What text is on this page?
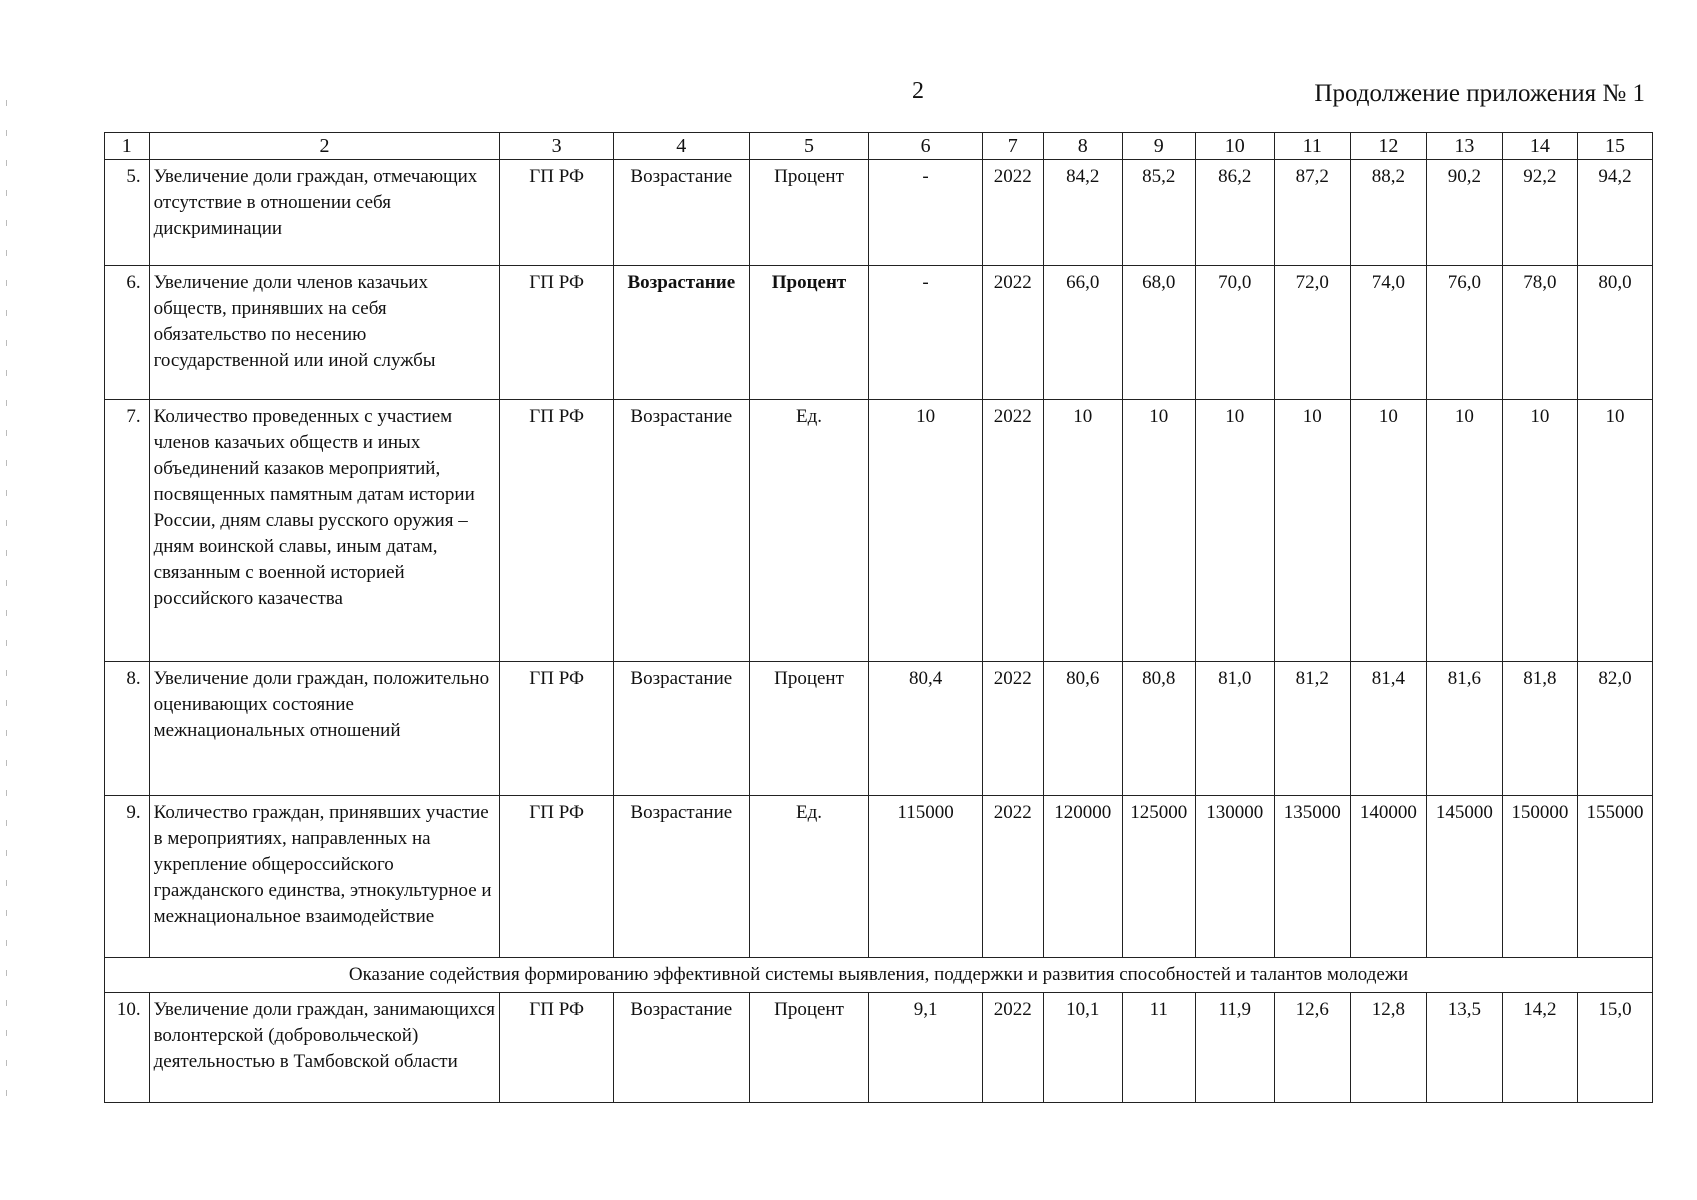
2	Продолжение приложения № 1
1	2	3	4	5	6	7	8	9	10	11	12	13	14	15
5.	Увеличение доли граждан, отмечающих отсутствие в отношении себя дискриминации	ГП РФ	Возрастание	Процент	-	2022	84,2	85,2	86,2	87,2	88,2	90,2	92,2	94,2
6.	Увеличение доли членов казачьих обществ, принявших на себя обязательство по несению государственной или иной службы	ГП РФ	Возрастание	Процент	-	2022	66,0	68,0	70,0	72,0	74,0	76,0	78,0	80,0
7.	Количество проведенных с участием членов казачьих обществ и иных объединений казаков мероприятий, посвященных памятным датам истории России, дням славы русского оружия – дням воинской славы, иным датам, связанным с военной историей российского казачества	ГП РФ	Возрастание	Ед.	10	2022	10	10	10	10	10	10	10	10
8.	Увеличение доли граждан, положительно оценивающих состояние межнациональных отношений	ГП РФ	Возрастание	Процент	80,4	2022	80,6	80,8	81,0	81,2	81,4	81,6	81,8	82,0
9.	Количество граждан, принявших участие в мероприятиях, направленных на укрепление общероссийского гражданского единства, этнокультурное и межнациональное взаимодействие	ГП РФ	Возрастание	Ед.	115000	2022	120000	125000	130000	135000	140000	145000	150000	155000
Оказание содействия формированию эффективной системы выявления, поддержки и развития способностей и талантов молодежи														
10.	Увеличение доли граждан, занимающихся волонтерской (добровольческой) деятельностью в Тамбовской области	ГП РФ	Возрастание	Процент	9,1	2022	10,1	11	11,9	12,6	12,8	13,5	14,2	15,0
